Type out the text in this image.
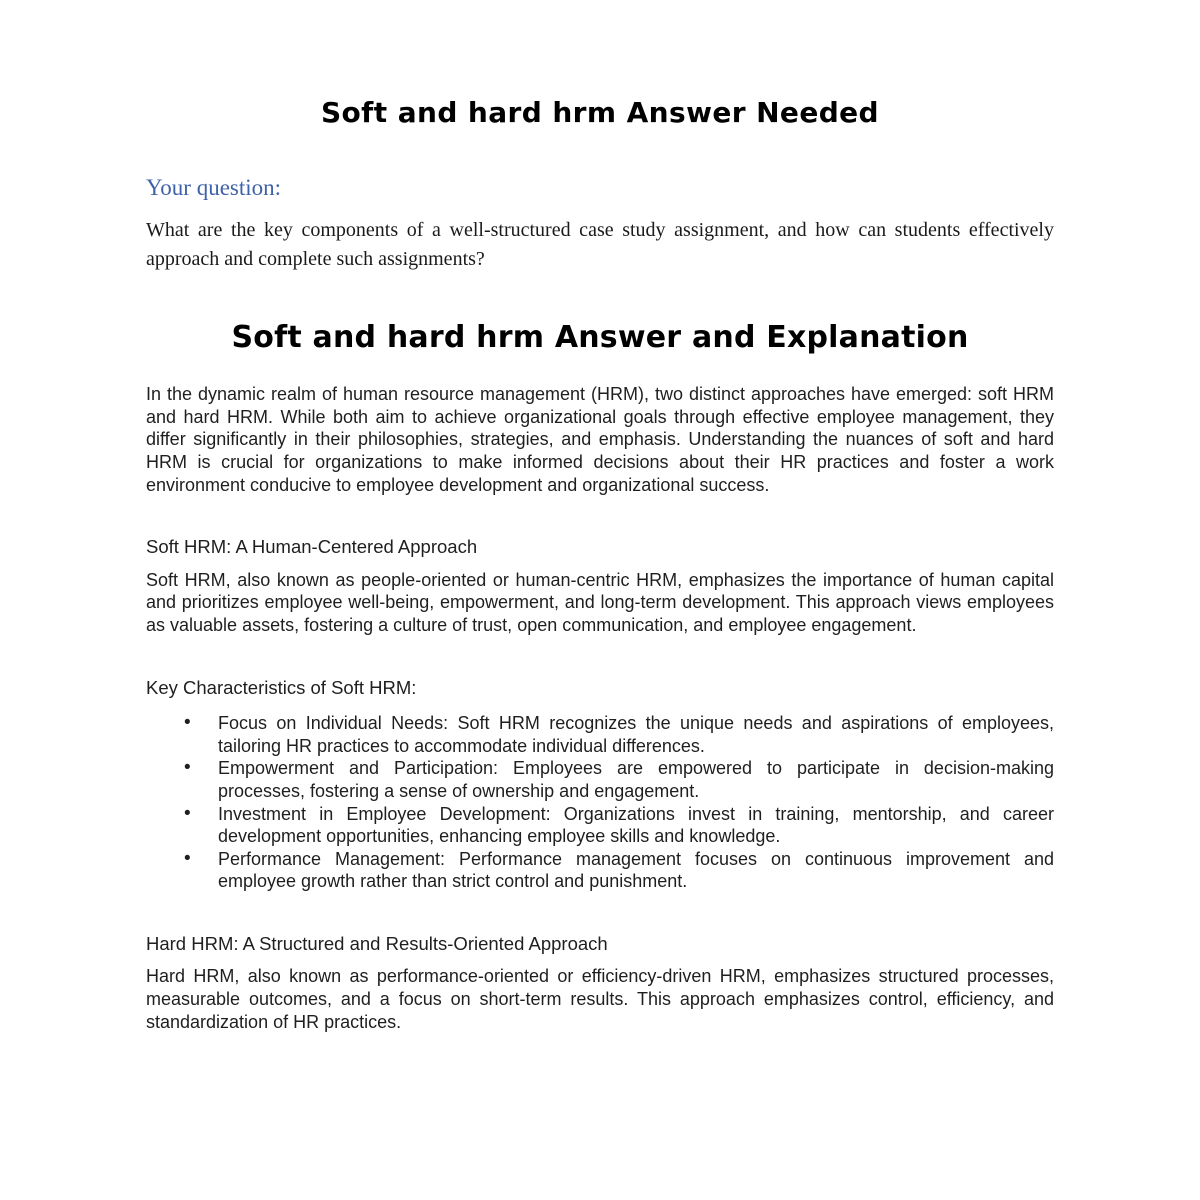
Soft and hard hrm Answer Needed
Your question:

What are the key components of a well-structured case study assignment, and how can students effectively approach and complete such assignments?

Soft and hard hrm Answer and Explanation

In the dynamic realm of human resource management (HRM), two distinct approaches have emerged: soft HRM and hard HRM. While both aim to achieve organizational goals through effective employee management, they differ significantly in their philosophies, strategies, and emphasis. Understanding the nuances of soft and hard HRM is crucial for organizations to make informed decisions about their HR practices and foster a work environment conducive to employee development and organizational success.

Soft HRM: A Human-Centered Approach

Soft HRM, also known as people-oriented or human-centric HRM, emphasizes the importance of human capital and prioritizes employee well-being, empowerment, and long-term development. This approach views employees as valuable assets, fostering a culture of trust, open communication, and employee engagement.

Key Characteristics of Soft HRM:

• Focus on Individual Needs: Soft HRM recognizes the unique needs and aspirations of employees, tailoring HR practices to accommodate individual differences.
• Empowerment and Participation: Employees are empowered to participate in decision-making processes, fostering a sense of ownership and engagement.
• Investment in Employee Development: Organizations invest in training, mentorship, and career development opportunities, enhancing employee skills and knowledge.
• Performance Management: Performance management focuses on continuous improvement and employee growth rather than strict control and punishment.

Hard HRM: A Structured and Results-Oriented Approach

Hard HRM, also known as performance-oriented or efficiency-driven HRM, emphasizes structured processes, measurable outcomes, and a focus on short-term results. This approach emphasizes control, efficiency, and standardization of HR practices.
